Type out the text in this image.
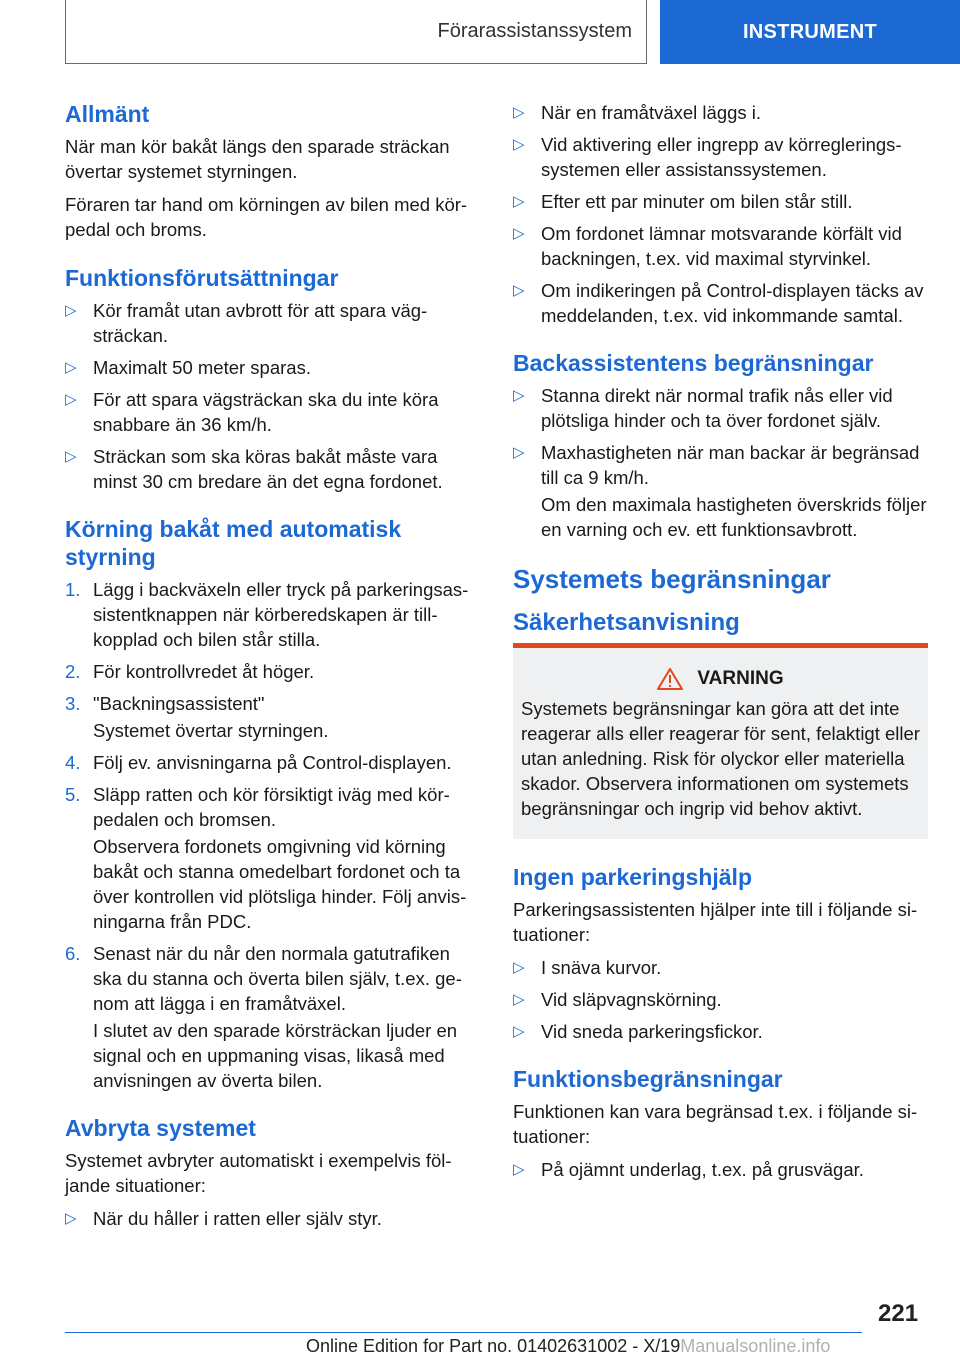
Förarassistanssystem	INSTRUMENT
Allmänt
När man kör bakåt längs den sparade sträckan övertar systemet styrningen.
Föraren tar hand om körningen av bilen med körpedal och broms.
Funktionsförutsättningar
▷ Kör framåt utan avbrott för att spara vägsträckan.
▷ Maximalt 50 meter sparas.
▷ För att spara vägsträckan ska du inte köra snabbare än 36 km/h.
▷ Sträckan som ska köras bakåt måste vara minst 30 cm bredare än det egna fordonet.
Körning bakåt med automatisk styrning
1. Lägg i backväxeln eller tryck på parkeringsassistentknappen när körberedskapen är tillkopplad och bilen står stilla.
2. För kontrollvredet åt höger.
3. "Backningsassistent"
Systemet övertar styrningen.
4. Följ ev. anvisningarna på Control-displayen.
5. Släpp ratten och kör försiktigt iväg med körpedalen och bromsen.
Observera fordonets omgivning vid körning bakåt och stanna omedelbart fordonet och ta över kontrollen vid plötsliga hinder. Följ anvisningarna från PDC.
6. Senast när du når den normala gatutrafiken ska du stanna och överta bilen själv, t.ex. genom att lägga i en framåtväxel.
I slutet av den sparade körsträckan ljuder en signal och en uppmaning visas, likaså med anvisningen av överta bilen.
Avbryta systemet
Systemet avbryter automatiskt i exempelvis följande situationer:
▷ När du håller i ratten eller själv styr.
▷ När en framåtväxel läggs i.
▷ Vid aktivering eller ingrepp av körregleringssystemen eller assistanssystemen.
▷ Efter ett par minuter om bilen står still.
▷ Om fordonet lämnar motsvarande körfält vid backningen, t.ex. vid maximal styrvinkel.
▷ Om indikeringen på Control-displayen täcks av meddelanden, t.ex. vid inkommande samtal.
Backassistentens begränsningar
▷ Stanna direkt när normal trafik nås eller vid plötsliga hinder och ta över fordonet själv.
▷ Maxhastigheten när man backar är begränsad till ca 9 km/h.
Om den maximala hastigheten överskrids följer en varning och ev. ett funktionsavbrott.
Systemets begränsningar
Säkerhetsanvisning
VARNING
Systemets begränsningar kan göra att det inte reagerar alls eller reagerar för sent, felaktigt eller utan anledning. Risk för olyckor eller materiella skador. Observera informationen om systemets begränsningar och ingrip vid behov aktivt.
Ingen parkeringshjälp
Parkeringsassistenten hjälper inte till i följande situationer:
▷ I snäva kurvor.
▷ Vid släpvagnskörning.
▷ Vid sneda parkeringsfickor.
Funktionsbegränsningar
Funktionen kan vara begränsad t.ex. i följande situationer:
▷ På ojämnt underlag, t.ex. på grusvägar.
221
Online Edition for Part no. 01402631002 - X/19Manualsonline.info
